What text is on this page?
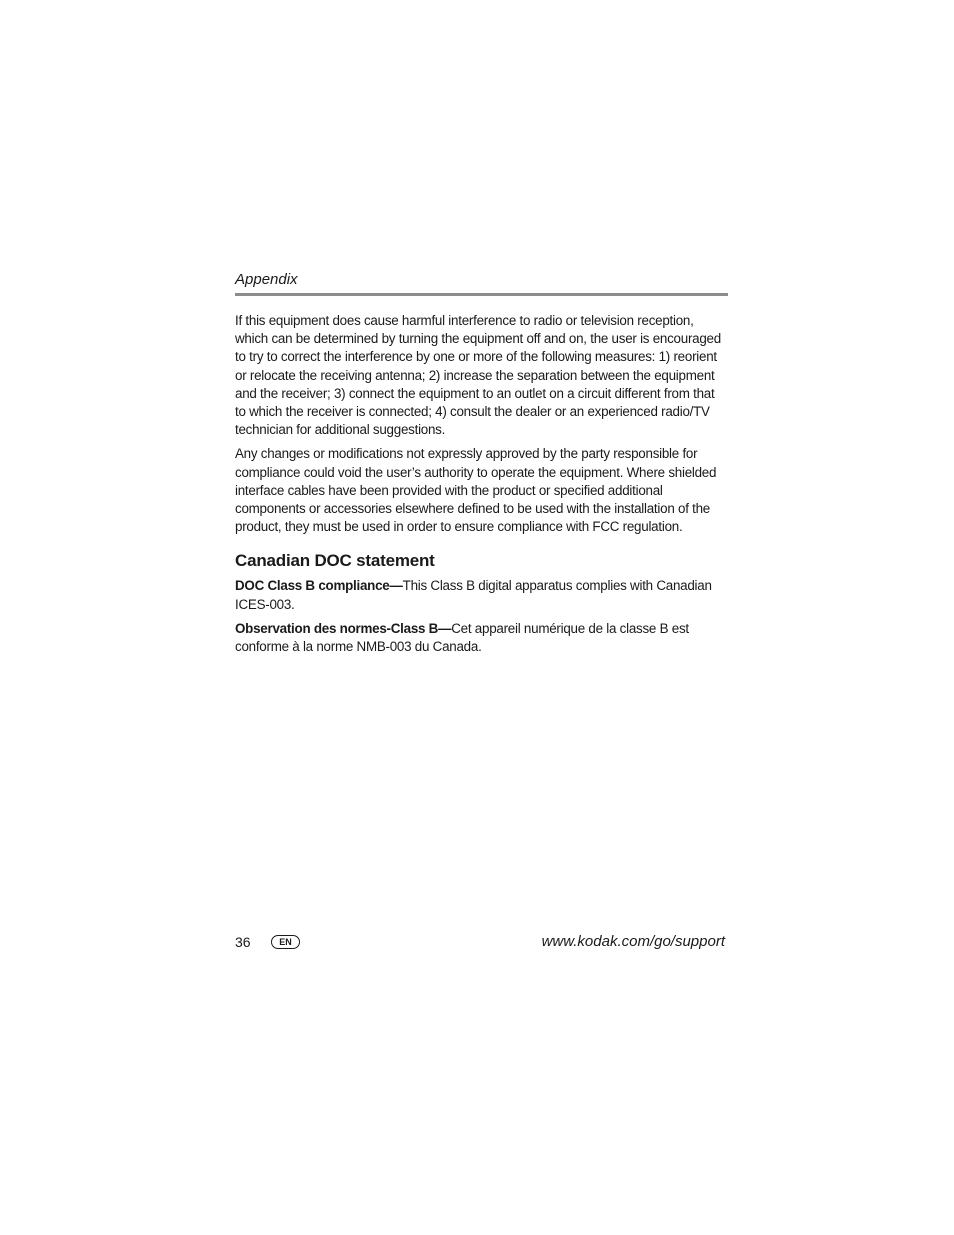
Appendix

If this equipment does cause harmful interference to radio or television reception, which can be determined by turning the equipment off and on, the user is encouraged to try to correct the interference by one or more of the following measures: 1) reorient or relocate the receiving antenna; 2) increase the separation between the equipment and the receiver; 3) connect the equipment to an outlet on a circuit different from that to which the receiver is connected; 4) consult the dealer or an experienced radio/TV technician for additional suggestions.

Any changes or modifications not expressly approved by the party responsible for compliance could void the user’s authority to operate the equipment. Where shielded interface cables have been provided with the product or specified additional components or accessories elsewhere defined to be used with the installation of the product, they must be used in order to ensure compliance with FCC regulation.

Canadian DOC statement

DOC Class B compliance—This Class B digital apparatus complies with Canadian ICES-003.

Observation des normes-Class B—Cet appareil numérique de la classe B est conforme à la norme NMB-003 du Canada.

36	EN	www.kodak.com/go/support
